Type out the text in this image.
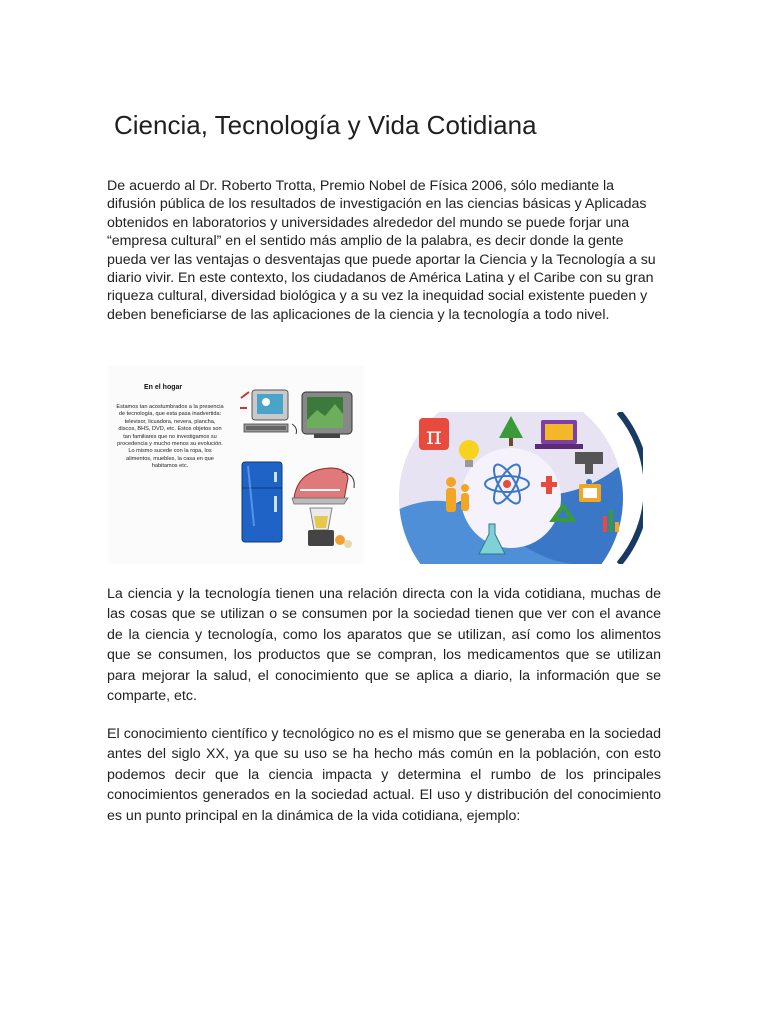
Ciencia, Tecnología y Vida Cotidiana

De acuerdo al Dr. Roberto Trotta, Premio Nobel de Física 2006, sólo mediante la difusión pública de los resultados de investigación en las ciencias básicas y Aplicadas obtenidos en laboratorios y universidades alrededor del mundo se puede forjar una “empresa cultural” en el sentido más amplio de la palabra, es decir donde la gente pueda ver las ventajas o desventajas que puede aportar la Ciencia y la Tecnología a su diario vivir. En este contexto, los ciudadanos de América Latina y el Caribe con su gran riqueza cultural, diversidad biológica y a su vez la inequidad social existente pueden y deben beneficiarse de las aplicaciones de la ciencia y la tecnología a todo nivel.

En el hogar
Estamos tan acostumbrados a la presencia de tecnología, que esta pasa inadvertida: televisor, licuadora, nevera, plancha, discos, BHS, DVD, etc. Estos objetos son tan familiares que no investigamos su procedencia y mucho menos su evolución. Lo mismo sucede con la ropa, los alimentos, muebles, la casa en que habitamos etc.
π

La ciencia y la tecnología tienen una relación directa con la vida cotidiana, muchas de las cosas que se utilizan o se consumen por la sociedad tienen que ver con el avance de la ciencia y tecnología, como los aparatos que se utilizan, así como los alimentos que se consumen, los productos que se compran, los medicamentos que se utilizan para mejorar la salud, el conocimiento que se aplica a diario, la información que se comparte, etc.

El conocimiento científico y tecnológico no es el mismo que se generaba en la sociedad antes del siglo XX, ya que su uso se ha hecho más común en la población, con esto podemos decir que la ciencia impacta y determina el rumbo de los principales conocimientos generados en la sociedad actual. El uso y distribución del conocimiento es un punto principal en la dinámica de la vida cotidiana, ejemplo:
